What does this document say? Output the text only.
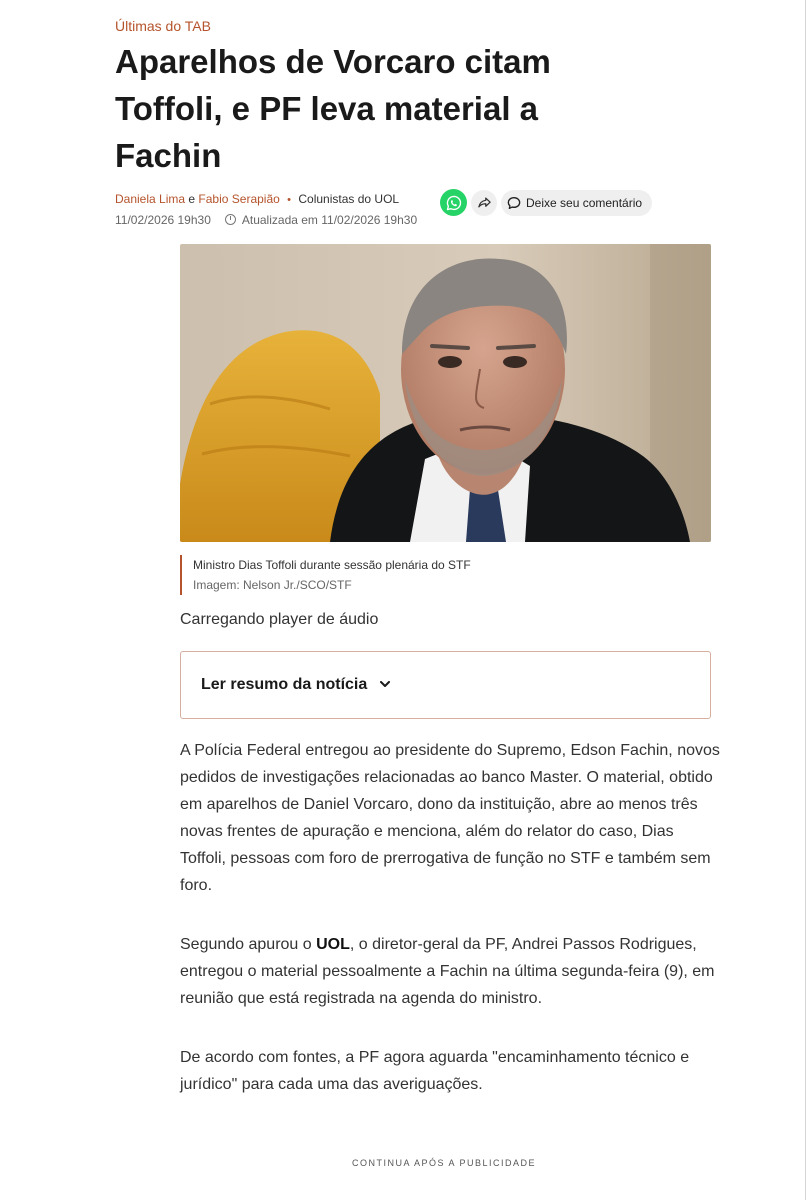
Últimas do TAB
Aparelhos de Vorcaro citam
Toffoli, e PF leva material a
Fachin
Daniela Lima e Fabio Serapião • Colunistas do UOL
11/02/2026 19h30	Atualizada em 11/02/2026 19h30
Deixe seu comentário
Ministro Dias Toffoli durante sessão plenária do STF
Imagem: Nelson Jr./SCO/STF
Carregando player de áudio
Ler resumo da notícia

A Polícia Federal entregou ao presidente do Supremo, Edson Fachin, novos pedidos de investigações relacionadas ao banco Master. O material, obtido em aparelhos de Daniel Vorcaro, dono da instituição, abre ao menos três novas frentes de apuração e menciona, além do relator do caso, Dias Toffoli, pessoas com foro de prerrogativa de função no STF e também sem foro.

Segundo apurou o UOL, o diretor-geral da PF, Andrei Passos Rodrigues, entregou o material pessoalmente a Fachin na última segunda-feira (9), em reunião que está registrada na agenda do ministro.

De acordo com fontes, a PF agora aguarda "encaminhamento técnico e jurídico" para cada uma das averiguações.

CONTINUA APÓS A PUBLICIDADE
